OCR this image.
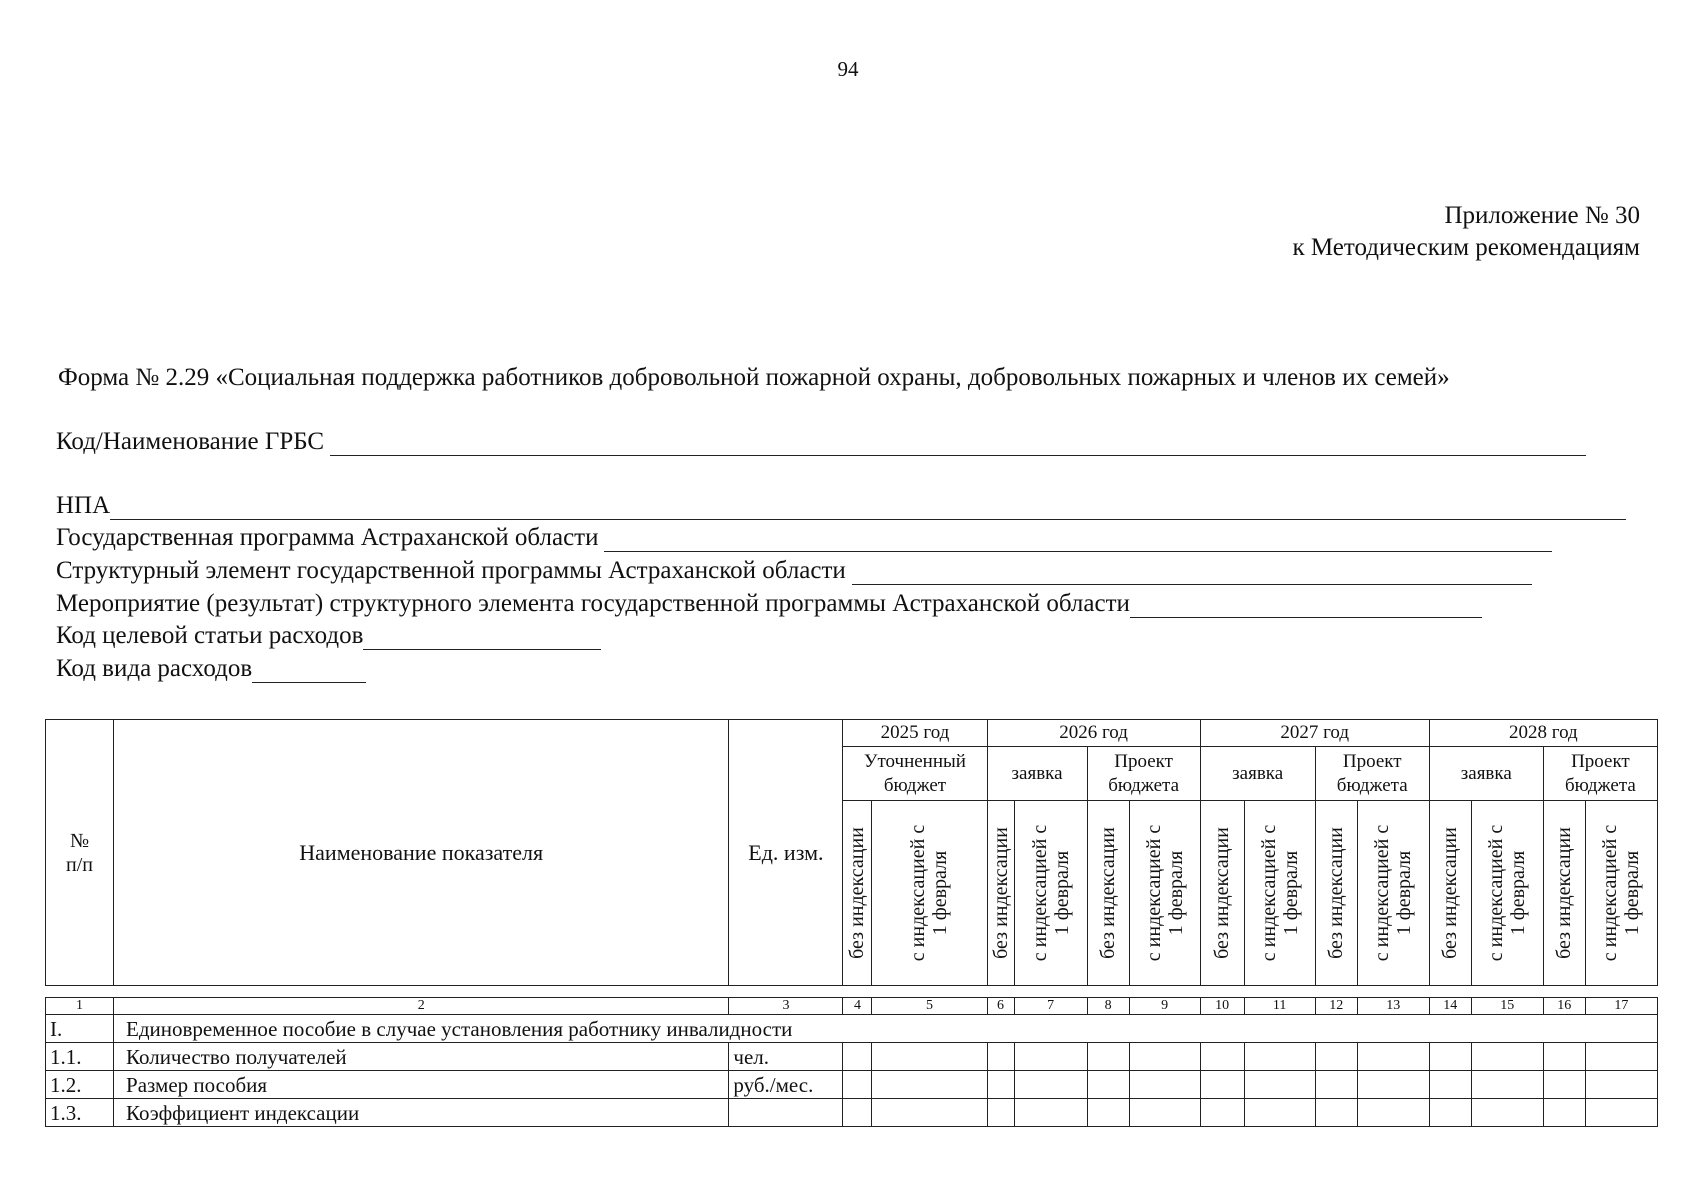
94
Приложение № 30
к Методическим рекомендациям
Форма № 2.29 «Социальная поддержка работников добровольной пожарной охраны, добровольных пожарных и членов их семей»
Код/Наименование ГРБС
НПА
Государственная программа Астраханской области
Структурный элемент государственной программы Астраханской области
Мероприятие (результат) структурного элемента государственной программы Астраханской области
Код целевой статьи расходов
Код вида расходов
№
п/п	Наименование показателя	Ед. изм.	2025 год		2026 год				2027 год				2028 год			
			Уточненный бюджет		заявка		Проект бюджета		заявка		Проект бюджета		заявка		Проект бюджета	

			без индексации	с индексацией с 1 февраля	без индексации	с индексацией с 1 февраля	без индексации	с индексацией с 1 февраля	без индексации	с индексацией с 1 февраля	без индексации	с индексацией с 1 февраля	без индексации	с индексацией с 1 февраля	без индексации	с индексацией с 1 февраля
1	2	3	4	5	6	7	8	9	10	11	12	13	14	15	16	17
I.	Единовременное пособие в случае установления работнику инвалидности															
1.1.	Количество получателей	чел.														
1.2.	Размер пособия	руб./мес.														
1.3.	Коэффициент индексации															
